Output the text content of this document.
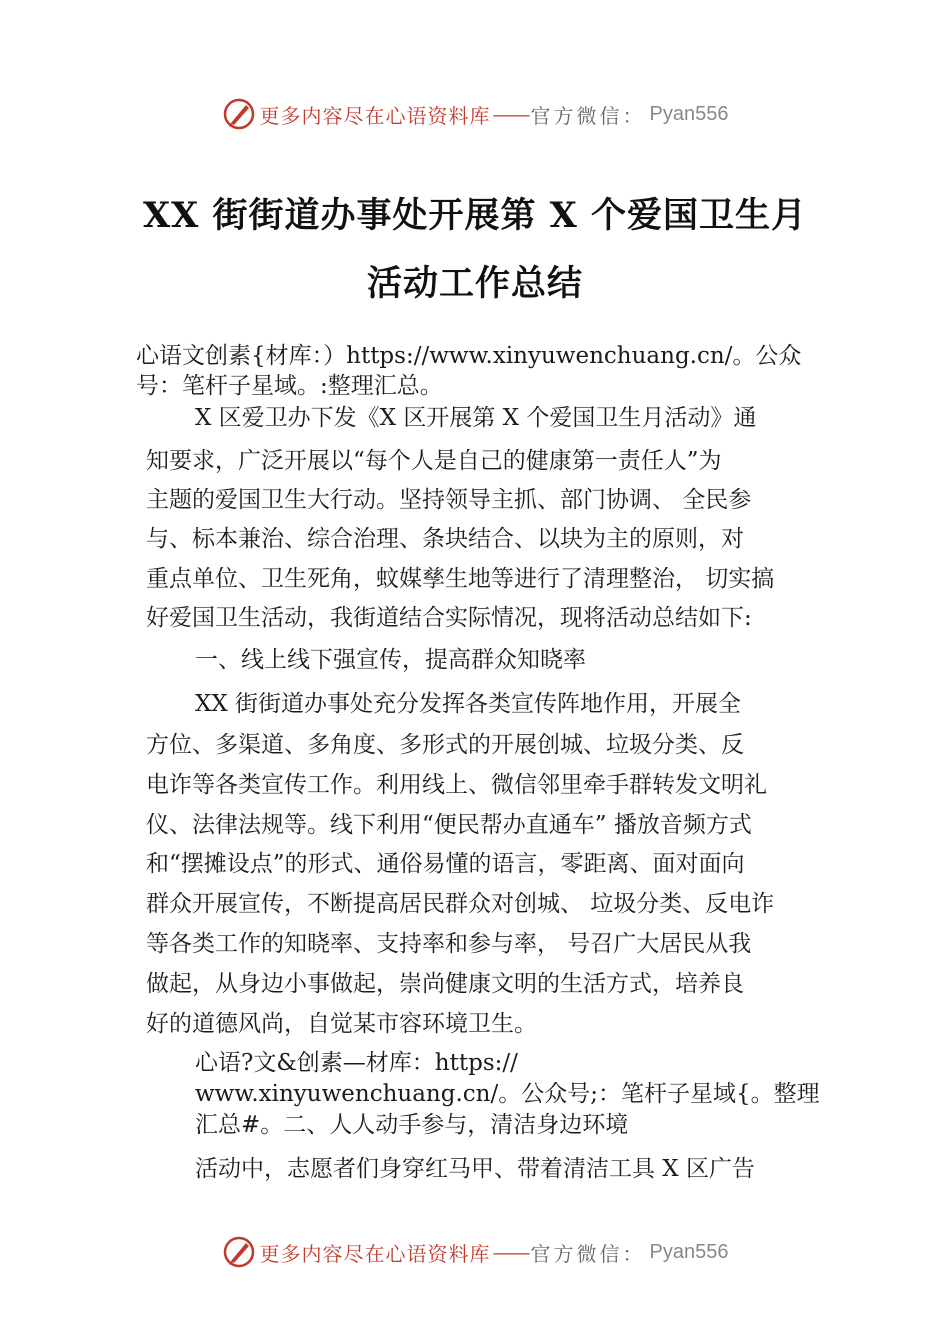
更多内容尽在心语资料库 —— 官方微信： Pyan556
XX 街街道办事处开展第 X 个爱国卫生月
活动工作总结
心语文创素{材库：）https://www.xinyuwenchuang.cn/。公众
号：笔杆子星域。:整理汇总。
X 区爱卫办下发《X 区开展第 X 个爱国卫生月活动》通
知要求，广泛开展以“每个人是自己的健康第一责任人”为
主题的爱国卫生大行动。坚持领导主抓、部门协调、 全民参
与、标本兼治、综合治理、条块结合、以块为主的原则，对
重点单位、卫生死角，蚊媒孳生地等进行了清理整治， 切实搞
好爱国卫生活动，我街道结合实际情况，现将活动总结如下:
一、线上线下强宣传，提高群众知晓率
XX 街街道办事处充分发挥各类宣传阵地作用，开展全
方位、多渠道、多角度、多形式的开展创城、垃圾分类、反
电诈等各类宣传工作。利用线上、微信邻里牵手群转发文明礼
仪、法律法规等。线下利用“便民帮办直通车” 播放音频方式
和“摆摊设点”的形式、通俗易懂的语言，零距离、面对面向
群众开展宣传，不断提高居民群众对创城、 垃圾分类、反电诈
等各类工作的知晓率、支持率和参与率， 号召广大居民从我
做起，从身边小事做起，崇尚健康文明的生活方式，培养良
好的道德风尚，自觉某市容环境卫生。
心语?文&创素—材库：https://
www.xinyuwenchuang.cn/。公众号;：笔杆子星域{。整理
汇总#。二、人人动手参与，清洁身边环境
活动中，志愿者们身穿红马甲、带着清洁工具 X 区广告
更多内容尽在心语资料库 —— 官方微信： Pyan556
